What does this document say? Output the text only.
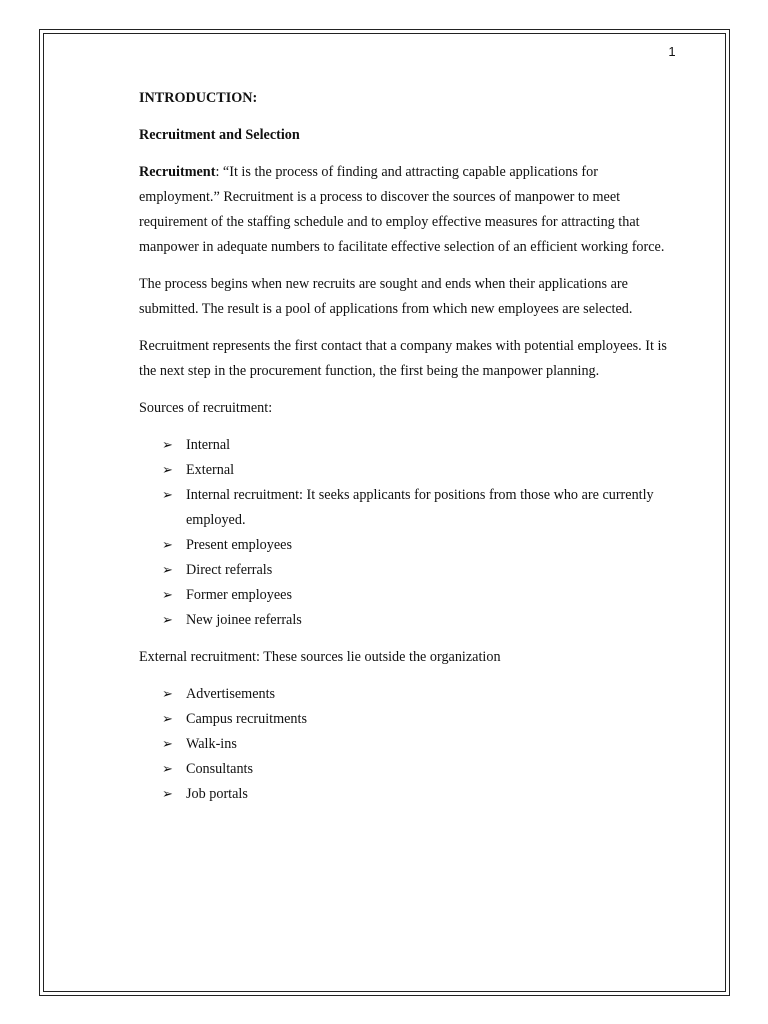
1
INTRODUCTION:
Recruitment and Selection

Recruitment: “It is the process of finding and attracting capable applications for employment.” Recruitment is a process to discover the sources of manpower to meet requirement of the staffing schedule and to employ effective measures for attracting that manpower in adequate numbers to facilitate effective selection of an efficient working force.

The process begins when new recruits are sought and ends when their applications are submitted. The result is a pool of applications from which new employees are selected.

Recruitment represents the first contact that a company makes with potential employees. It is the next step in the procurement function, the first being the manpower planning.

Sources of recruitment:

➢ Internal
➢ External
➢ Internal recruitment: It seeks applicants for positions from those who are currently employed.
➢ Present employees
➢ Direct referrals
➢ Former employees
➢ New joinee referrals

External recruitment: These sources lie outside the organization

➢ Advertisements
➢ Campus recruitments
➢ Walk-ins
➢ Consultants
➢ Job portals
